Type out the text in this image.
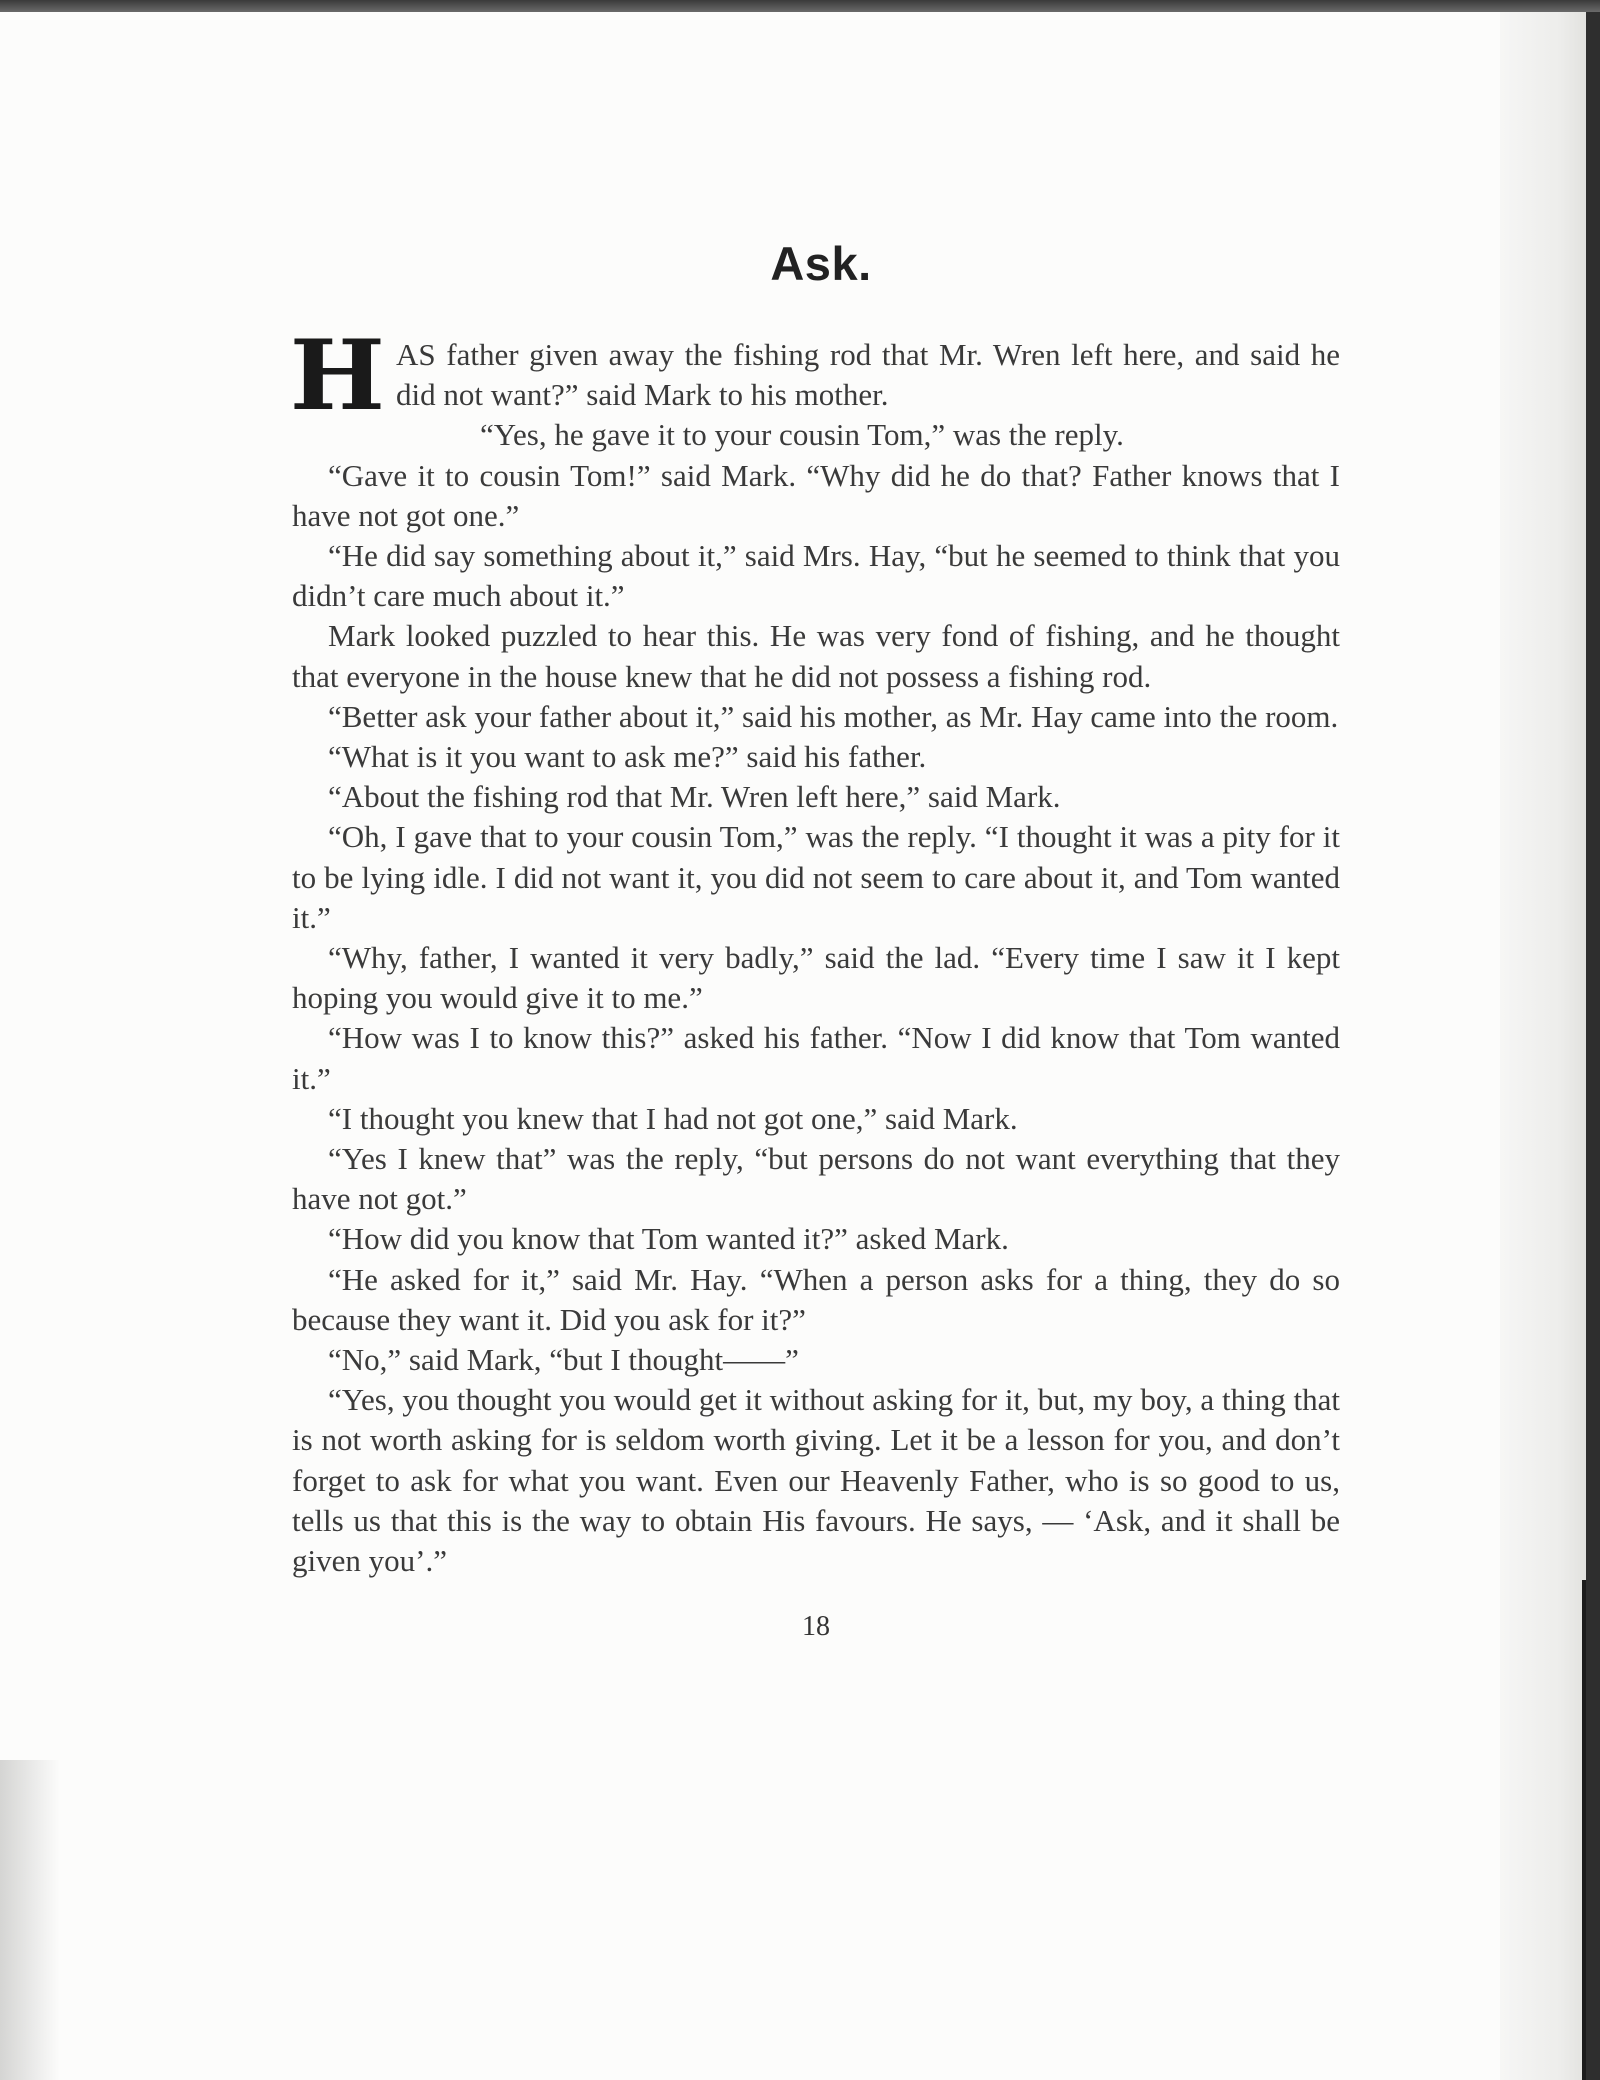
Ask.

H AS father given away the fishing rod that Mr. Wren left here, and said he did not want?” said Mark to his mother.
“Yes, he gave it to your cousin Tom,” was the reply.

“Gave it to cousin Tom!” said Mark. “Why did he do that? Father knows that I have not got one.”

“He did say something about it,” said Mrs. Hay, “but he seemed to think that you didn’t care much about it.”

Mark looked puzzled to hear this. He was very fond of fishing, and he thought that everyone in the house knew that he did not possess a fishing rod.

“Better ask your father about it,” said his mother, as Mr. Hay came into the room.

“What is it you want to ask me?” said his father.

“About the fishing rod that Mr. Wren left here,” said Mark.

“Oh, I gave that to your cousin Tom,” was the reply. “I thought it was a pity for it to be lying idle. I did not want it, you did not seem to care about it, and Tom wanted it.”

“Why, father, I wanted it very badly,” said the lad. “Every time I saw it I kept hoping you would give it to me.”

“How was I to know this?” asked his father. “Now I did know that Tom wanted it.”

“I thought you knew that I had not got one,” said Mark.

“Yes I knew that” was the reply, “but persons do not want everything that they have not got.”

“How did you know that Tom wanted it?” asked Mark.

“He asked for it,” said Mr. Hay. “When a person asks for a thing, they do so because they want it. Did you ask for it?”

“No,” said Mark, “but I thought——”

“Yes, you thought you would get it without asking for it, but, my boy, a thing that is not worth asking for is seldom worth giving. Let it be a lesson for you, and don’t forget to ask for what you want. Even our Heavenly Father, who is so good to us, tells us that this is the way to obtain His favours. He says, — ‘Ask, and it shall be given you’.”

18
